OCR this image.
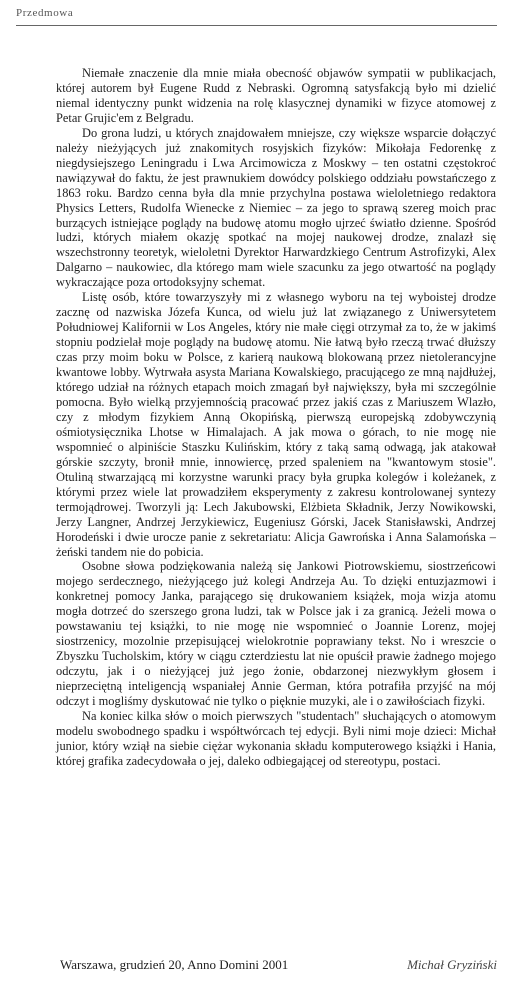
Przedmowa

Niemałe znaczenie dla mnie miała obecność objawów sympatii w publikacjach, której autorem był Eugene Rudd z Nebraski. Ogromną satysfakcją było mi dzielić niemal identyczny punkt widzenia na rolę klasycznej dynamiki w fizyce atomowej z Petar Grujic'em z Belgradu.

Do grona ludzi, u których znajdowałem mniejsze, czy większe wsparcie dołączyć należy nieżyjących już znakomitych rosyjskich fizyków: Mikołaja Fedorenkę z niegdysiejszego Leningradu i Lwa Arcimowicza z Moskwy – ten ostatni częstokroć nawiązywał do faktu, że jest prawnukiem dowódcy polskiego oddziału powstańczego z 1863 roku. Bardzo cenna była dla mnie przychylna postawa wieloletniego redaktora Physics Letters, Rudolfa Wienecke z Niemiec – za jego to sprawą szereg moich prac burzących istniejące poglądy na budowę atomu mogło ujrzeć światło dzienne. Spośród ludzi, których miałem okazję spotkać na mojej naukowej drodze, znalazł się wszechstronny teoretyk, wieloletni Dyrektor Harwardzkiego Centrum Astrofizyki, Alex Dalgarno – naukowiec, dla którego mam wiele szacunku za jego otwartość na poglądy wykraczające poza ortodoksyjny schemat.

Listę osób, które towarzyszyły mi z własnego wyboru na tej wyboistej drodze zacznę od nazwiska Józefa Kunca, od wielu już lat związanego z Uniwersytetem Południowej Kalifornii w Los Angeles, który nie małe cięgi otrzymał za to, że w jakimś stopniu podzielał moje poglądy na budowę atomu. Nie łatwą było rzeczą trwać dłuższy czas przy moim boku w Polsce, z karierą naukową blokowaną przez nietolerancyjne kwantowe lobby. Wytrwała asysta Mariana Kowalskiego, pracującego ze mną najdłużej, którego udział na różnych etapach moich zmagań był największy, była mi szczególnie pomocna. Było wielką przyjemnością pracować przez jakiś czas z Mariuszem Wlazło, czy z młodym fizykiem Anną Okopińską, pierwszą europejską zdobywczynią ośmiotysięcznika Lhotse w Himalajach. A jak mowa o górach, to nie mogę nie wspomnieć o alpiniście Staszku Kulińskim, który z taką samą odwagą, jak atakował górskie szczyty, bronił mnie, innowiercę, przed spaleniem na "kwantowym stosie". Otuliną stwarzającą mi korzystne warunki pracy była grupka kolegów i koleżanek, z którymi przez wiele lat prowadziłem eksperymenty z zakresu kontrolowanej syntezy termojądrowej. Tworzyli ją: Lech Jakubowski, Elżbieta Składnik, Jerzy Nowikowski, Jerzy Langner, Andrzej Jerzykiewicz, Eugeniusz Górski, Jacek Stanisławski, Andrzej Horodeński i dwie urocze panie z sekretariatu: Alicja Gawrońska i Anna Salamońska – żeński tandem nie do pobicia.

Osobne słowa podziękowania należą się Jankowi Piotrowskiemu, siostrzeńcowi mojego serdecznego, nieżyjącego już kolegi Andrzeja Au. To dzięki entuzjazmowi i konkretnej pomocy Janka, parającego się drukowaniem książek, moja wizja atomu mogła dotrzeć do szerszego grona ludzi, tak w Polsce jak i za granicą. Jeżeli mowa o powstawaniu tej książki, to nie mogę nie wspomnieć o Joannie Lorenz, mojej siostrzenicy, mozolnie przepisującej wielokrotnie poprawiany tekst. No i wreszcie o Zbyszku Tucholskim, który w ciągu czterdziestu lat nie opuścił prawie żadnego mojego odczytu, jak i o nieżyjącej już jego żonie, obdarzonej niezwykłym głosem i nieprzeciętną inteligencją wspaniałej Annie German, która potrafiła przyjść na mój odczyt i mogliśmy dyskutować nie tylko o pięknie muzyki, ale i o zawiłościach fizyki.

Na koniec kilka słów o moich pierwszych "studentach" słuchających o atomowym modelu swobodnego spadku i współtwórcach tej edycji. Byli nimi moje dzieci: Michał junior, który wziął na siebie ciężar wykonania składu komputerowego książki i Hania, której grafika zadecydowała o jej, daleko odbiegającej od stereotypu, postaci.

Warszawa, grudzień 20, Anno Domini 2001	Michał Gryziński
